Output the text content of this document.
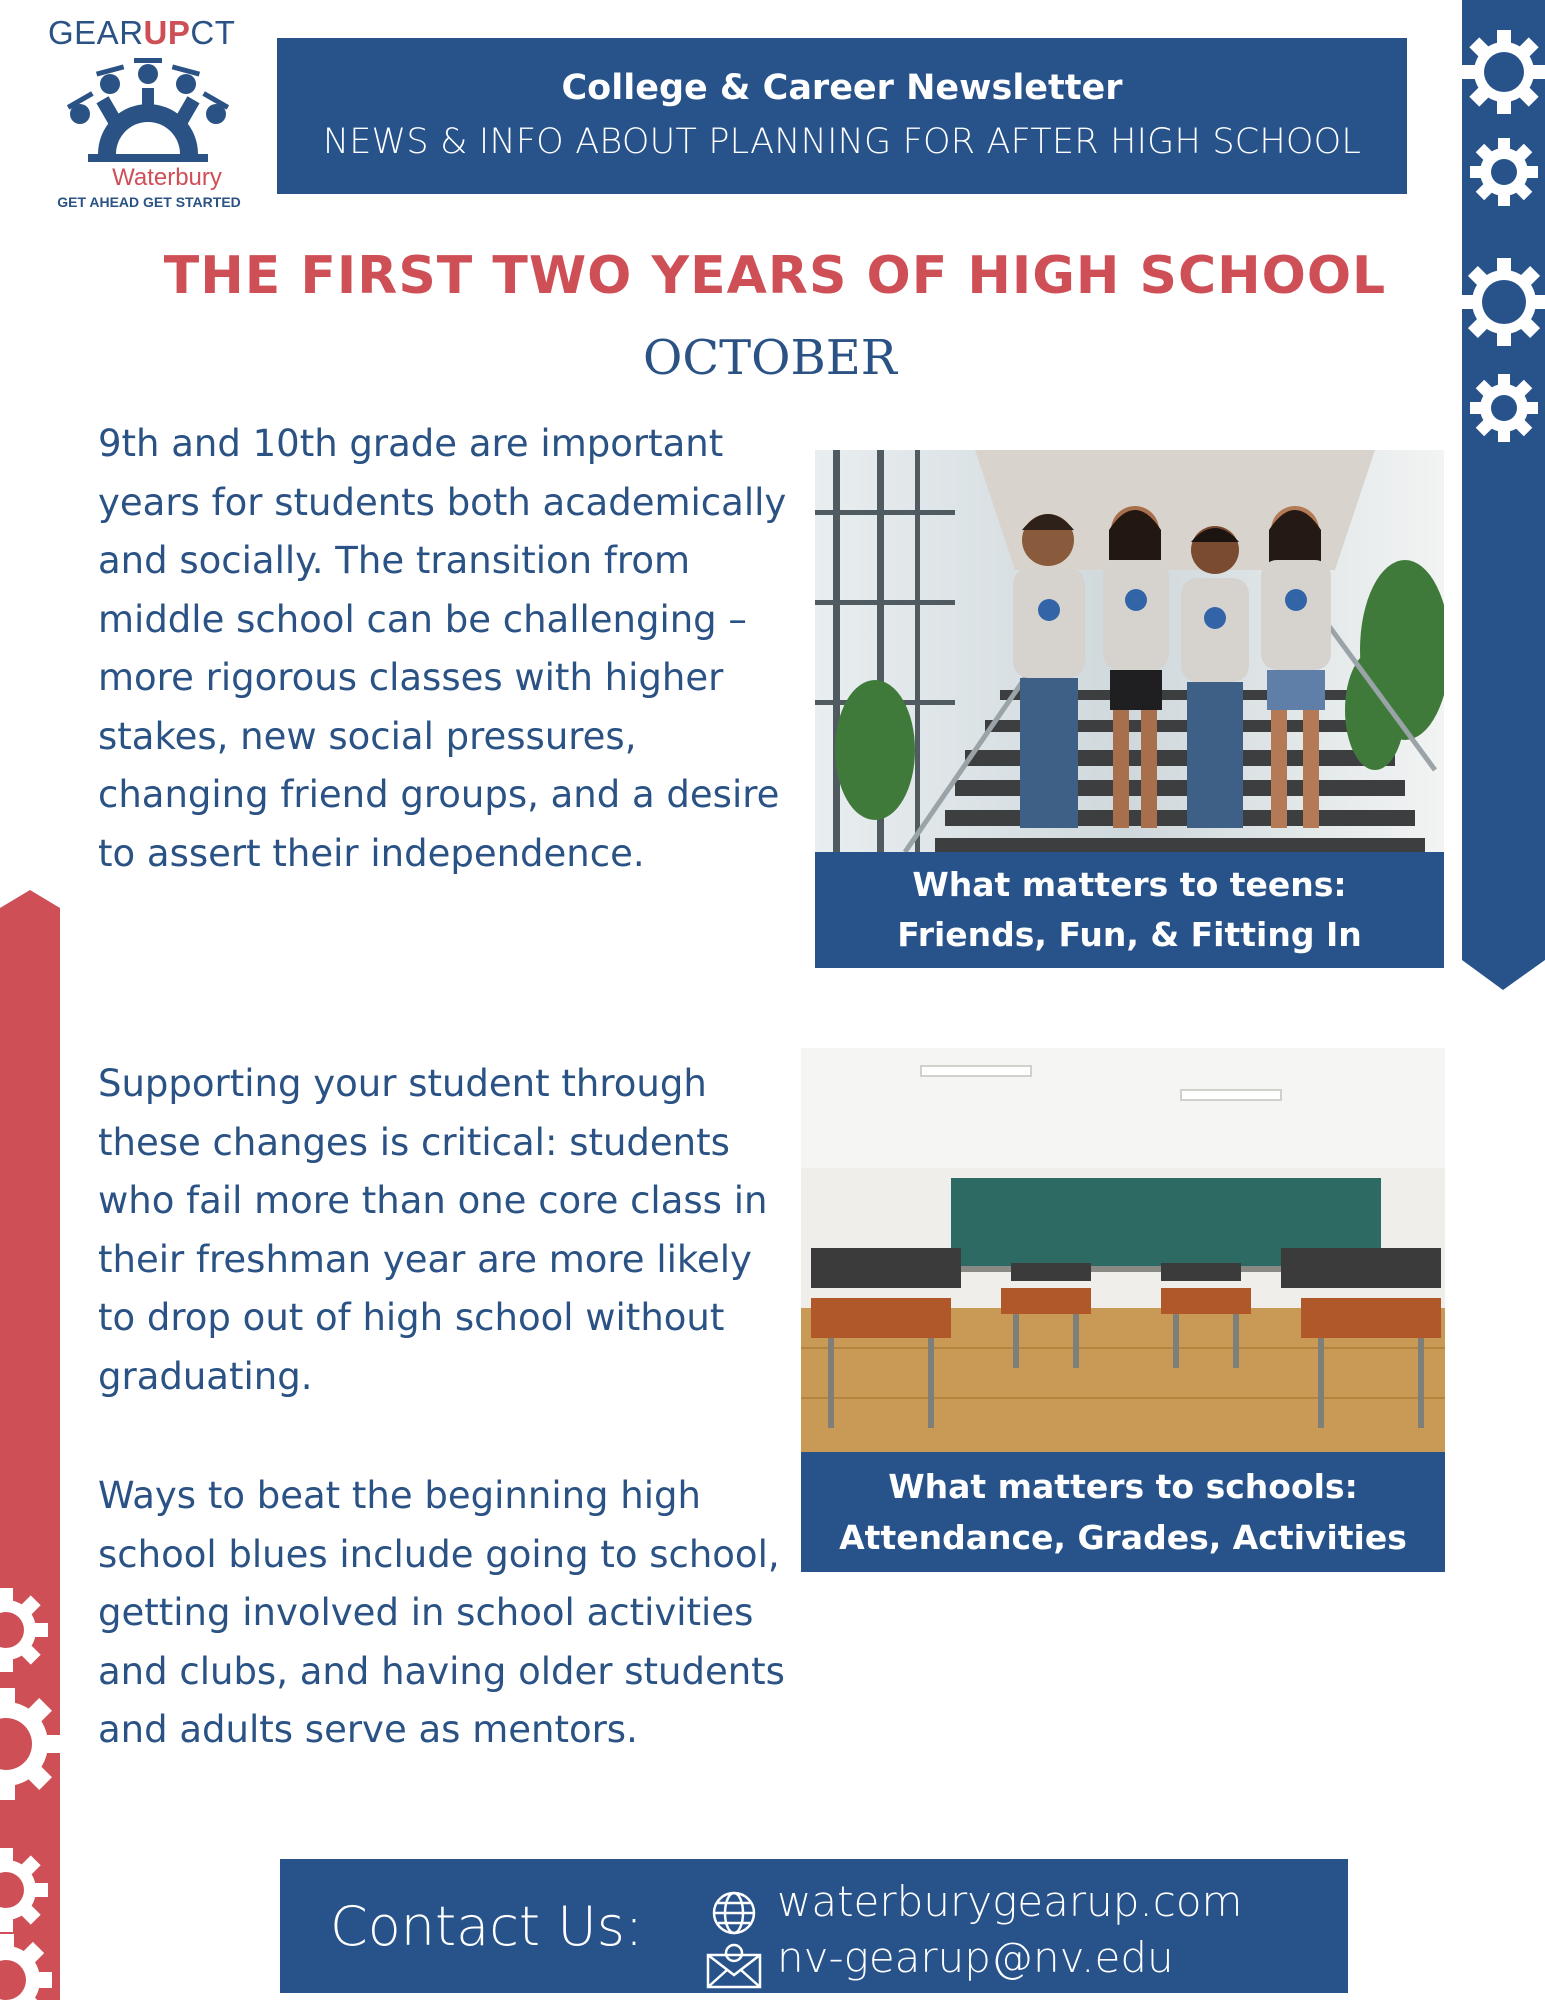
GEARUPCT
Waterbury
GET AHEAD GET STARTED
College & Career Newsletter
NEWS & INFO ABOUT PLANNING FOR AFTER HIGH SCHOOL
THE FIRST TWO YEARS OF HIGH SCHOOL
OCTOBER
9th and 10th grade are important years for students both academically and socially. The transition from middle school can be challenging – more rigorous classes with higher stakes, new social pressures, changing friend groups, and a desire to assert their independence.
Supporting your student through these changes is critical: students who fail more than one core class in their freshman year are more likely to drop out of high school without graduating.
Ways to beat the beginning high school blues include going to school, getting involved in school activities and clubs, and having older students and adults serve as mentors.
What matters to teens:
Friends, Fun, & Fitting In
What matters to schools:
Attendance, Grades, Activities
Contact Us:	waterburygearup.com
nv-gearup@nv.edu
